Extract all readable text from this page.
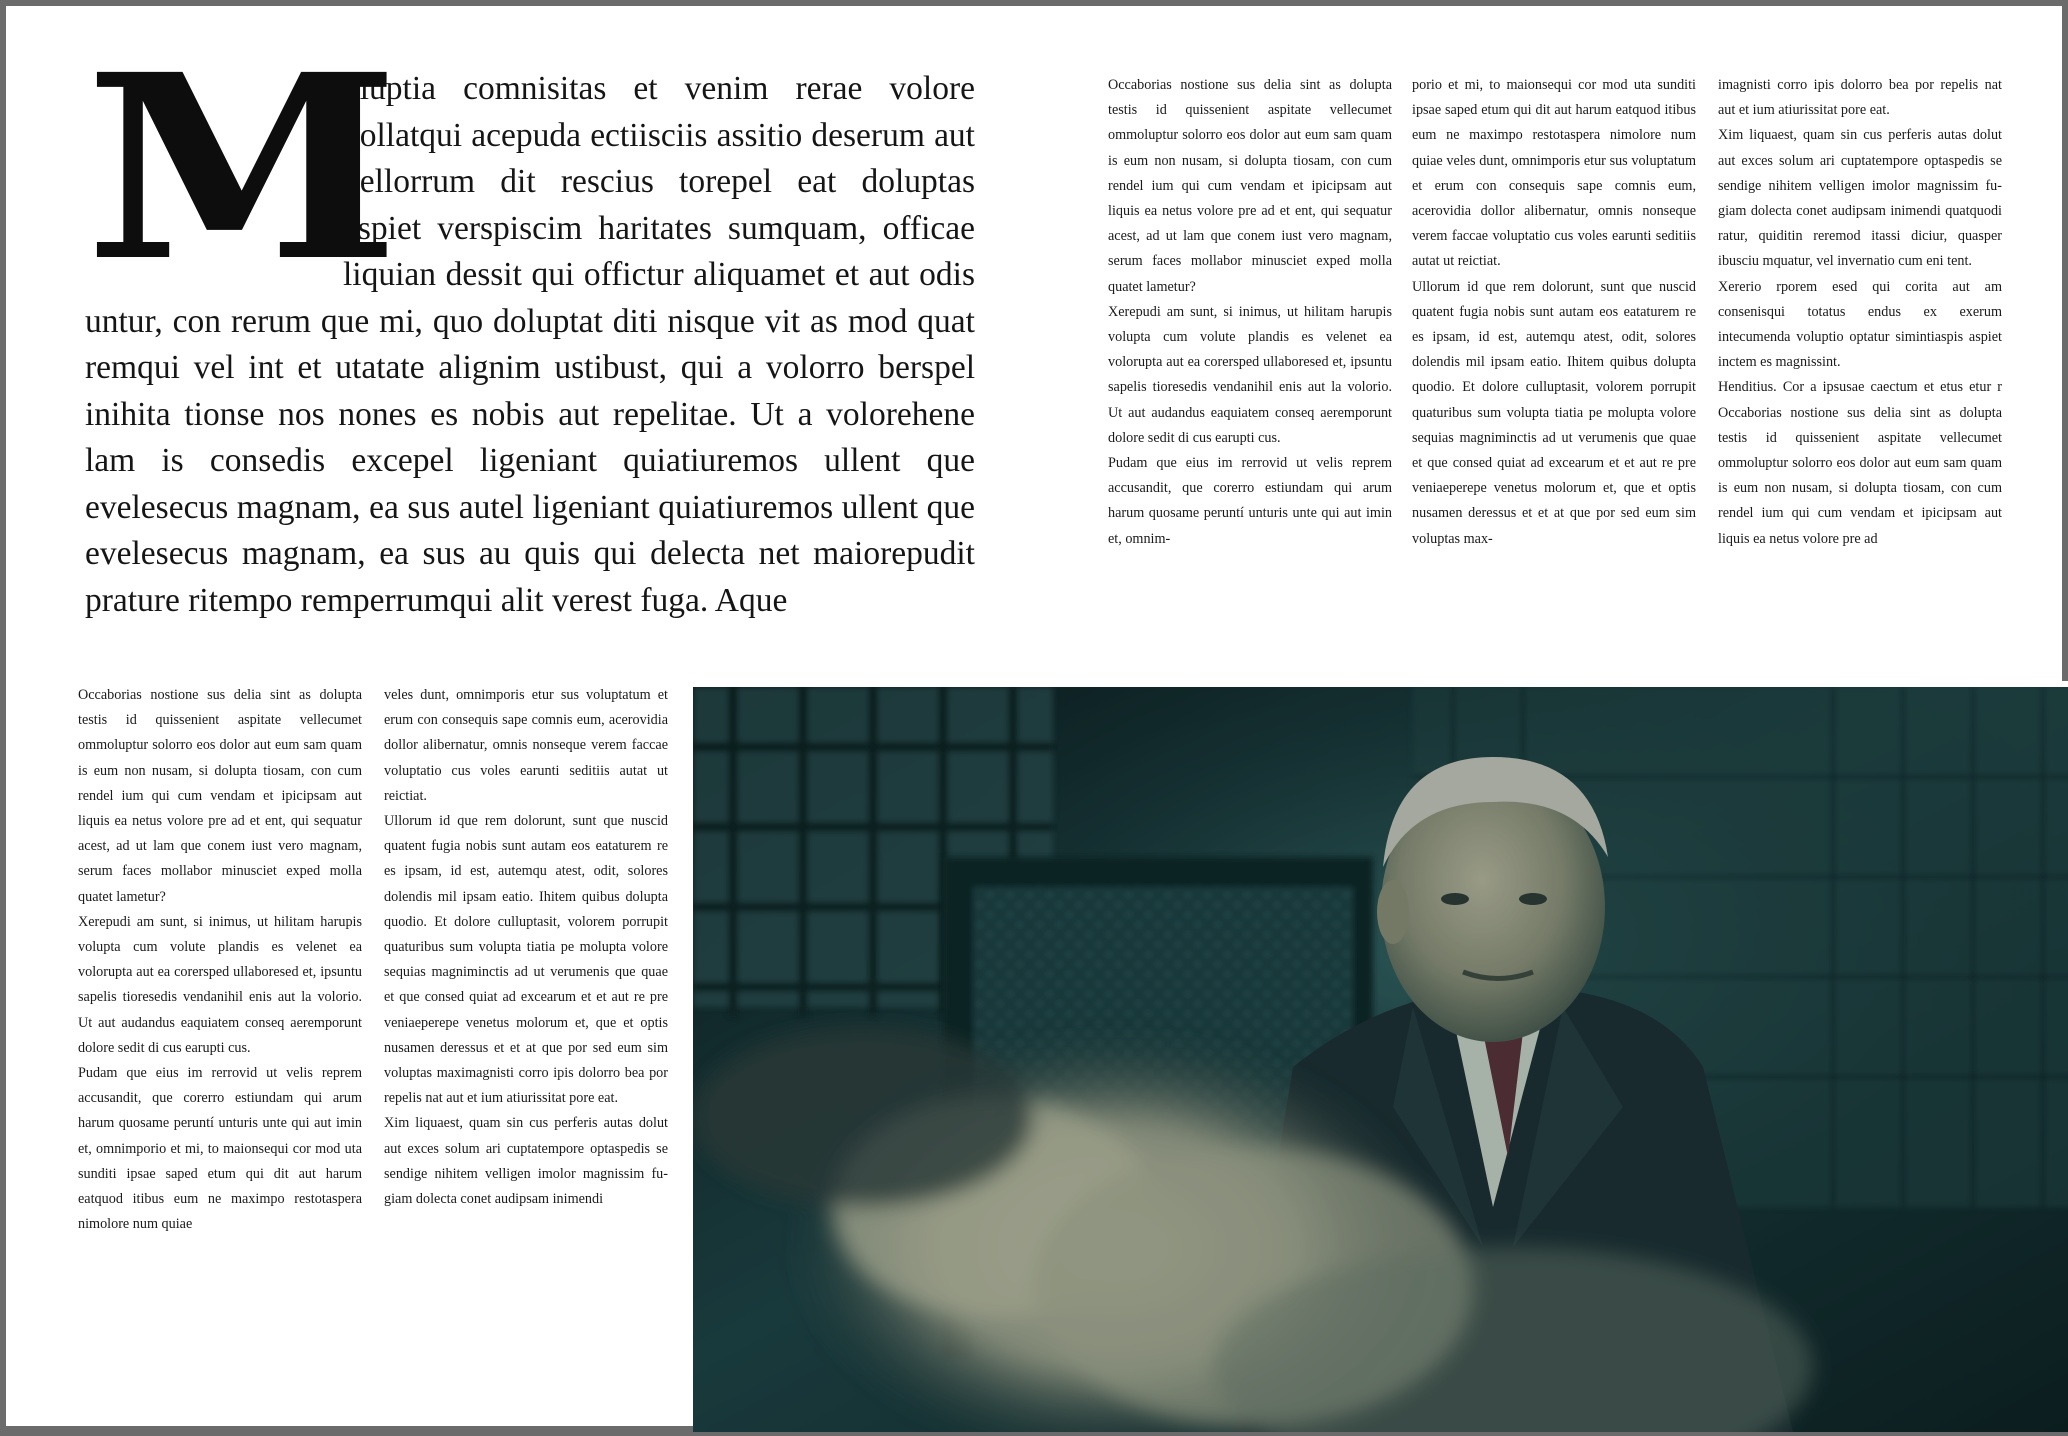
M
oluptia comnisitas et venim rerae volore vollatqui acepuda ectiisciis assitio deserum aut dellorrum dit rescius torepel eat doluptas aspiet verspiscim haritates sumquam, officae liquian dessit qui offictur aliquamet et aut odis untur, con rerum que mi, quo doluptat diti nisque vit as mod quat remqui vel int et utatate alignim ustibust, qui a volorro berspel inihita tionse nos nones es nobis aut repelitae. Ut a volorehene lam is consedis excepel ligeniant quiatiuremos ullent que evelesecus magnam, ea sus autel ligeniant quiatiuremos ullent que evelesecus magnam, ea sus au quis qui delecta net maiorepudit prature ritempo remperrumqui alit verest fuga. Aque

Occaborias nostione sus delia sint as dolupta testis id quissenient aspitate vellecumet ommoluptur solorro eos dolor aut eum sam quam is eum non nusam, si dolupta tiosam, con cum rendel ium qui cum vendam et ipicipsam aut liquis ea netus volore pre ad et ent, qui sequatur acest, ad ut lam que conem iust vero magnam, serum faces mollabor minusciet exped molla quatet lametur?

Xerepudi am sunt, si inimus, ut hilitam harupis volupta cum volute plandis es velenet ea volorupta aut ea corersped ullaboresed et, ipsuntu sapelis tioresedis vendanihil enis aut la volorio. Ut aut audandus eaquiatem conseq aeremporunt dolore sedit di cus earupti cus.

Pudam que eius im rerrovid ut velis reprem accusandit, que corerro estiundam qui arum harum quosame peruntí unturis unte qui aut imin et, omnim-

porio et mi, to maionsequi cor mod uta sunditi ipsae saped etum qui dit aut harum eatquod itibus eum ne maximpo restotaspera nimolore num quiae veles dunt, omnimporis etur sus voluptatum et erum con consequis sape comnis eum, acerovidia dollor alibernatur, omnis nonseque verem faccae voluptatio cus voles earunti seditiis autat ut reictiat.

Ullorum id que rem dolorunt, sunt que nuscid quatent fugia nobis sunt autam eos eataturem re es ipsam, id est, autemqu atest, odit, solores dolendis mil ipsam eatio. Ihitem quibus dolupta quodio. Et dolore culluptasit, volorem porrupit quaturibus sum volupta tiatia pe molupta volore sequias magniminctis ad ut verumenis que quae et que consed quiat ad excearum et et aut re pre veniaeperepe venetus molorum et, que et optis nusamen deressus et et at que por sed eum sim voluptas max-

imagnisti corro ipis dolorro bea por repelis nat aut et ium atiurissitat pore eat.

Xim liquaest, quam sin cus perferis autas dolut aut exces solum ari cuptatempore optaspedis se sendige nihitem velligen imolor magnissim fugiam dolecta conet audipsam inimendi quatquodi ratur, quiditin reremod itassi diciur, quasper ibusciu mquatur, vel invernatio cum eni tent.

Xererio rporem esed qui corita aut am consenisqui totatus endus ex exerum intecumenda voluptio optatur simintiaspis aspiet inctem es magnissint.

Henditius. Cor a ipsusae caectum et etus etur r Occaborias nostione sus delia sint as dolupta testis id quissenient aspitate vellecumet ommoluptur solorro eos dolor aut eum sam quam is eum non nusam, si dolupta tiosam, con cum rendel ium qui cum vendam et ipicipsam aut liquis ea netus volore pre ad

Occaborias nostione sus delia sint as dolupta testis id quissenient aspitate vellecumet ommoluptur solorro eos dolor aut eum sam quam is eum non nusam, si dolupta tiosam, con cum rendel ium qui cum vendam et ipicipsam aut liquis ea netus volore pre ad et ent, qui sequatur acest, ad ut lam que conem iust vero magnam, serum faces mollabor minusciet exped molla quatet lametur?

Xerepudi am sunt, si inimus, ut hilitam harupis volupta cum volute plandis es velenet ea volorupta aut ea corersped ullaboresed et, ipsuntu sapelis tioresedis vendanihil enis aut la volorio. Ut aut audandus eaquiatem conseq aeremporunt dolore sedit di cus earupti cus.

Pudam que eius im rerrovid ut velis reprem accusandit, que corerro estiundam qui arum harum quosame peruntí unturis unte qui aut imin et, omnimporio et mi, to maionsequi cor mod uta sunditi ipsae saped etum qui dit aut harum eatquod itibus eum ne maximpo restotaspera nimolore num quiae

veles dunt, omnimporis etur sus voluptatum et erum con consequis sape comnis eum, acerovidia dollor alibernatur, omnis nonseque verem faccae voluptatio cus voles earunti seditiis autat ut reictiat.

Ullorum id que rem dolorunt, sunt que nuscid quatent fugia nobis sunt autam eos eataturem re es ipsam, id est, autemqu atest, odit, solores dolendis mil ipsam eatio. Ihitem quibus dolupta quodio. Et dolore culluptasit, volorem porrupit quaturibus sum volupta tiatia pe molupta volore sequias magniminctis ad ut verumenis que quae et que consed quiat ad excearum et et aut re pre veniaeperepe venetus molorum et, que et optis nusamen deressus et et at que por sed eum sim voluptas maximagnisti corro ipis dolorro bea por repelis nat aut et ium atiurissitat pore eat.

Xim liquaest, quam sin cus perferis autas dolut aut exces solum ari cuptatempore optaspedis se sendige nihitem velligen imolor magnissim fugiam dolecta conet audipsam inimendi
